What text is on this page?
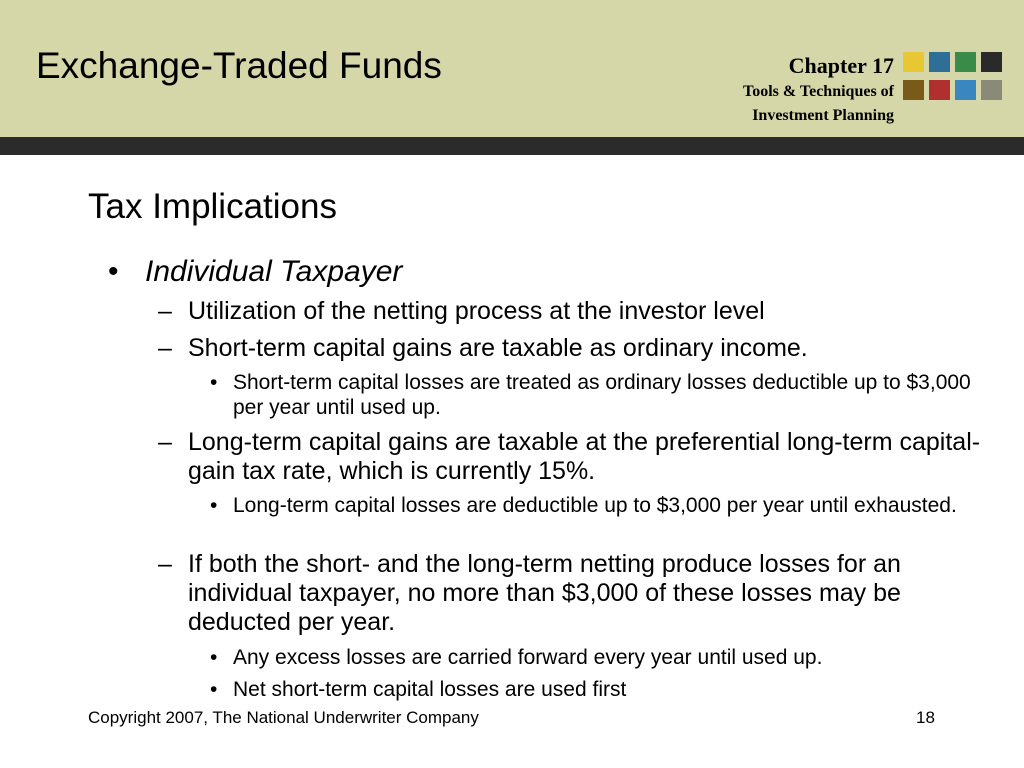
Exchange-Traded Funds	Chapter 17
Tools & Techniques of
Investment Planning
Tax Implications
• Individual Taxpayer
– Utilization of the netting process at the investor level
– Short-term capital gains are taxable as ordinary income.
• Short-term capital losses are treated as ordinary losses deductible up to $3,000 per year until used up.
– Long-term capital gains are taxable at the preferential long-term capital-gain tax rate, which is currently 15%.
• Long-term capital losses are deductible up to $3,000 per year until exhausted.
– If both the short- and the long-term netting produce losses for an individual taxpayer, no more than $3,000 of these losses may be deducted per year.
• Any excess losses are carried forward every year until used up.
• Net short-term capital losses are used first
Copyright 2007, The National Underwriter Company	18
